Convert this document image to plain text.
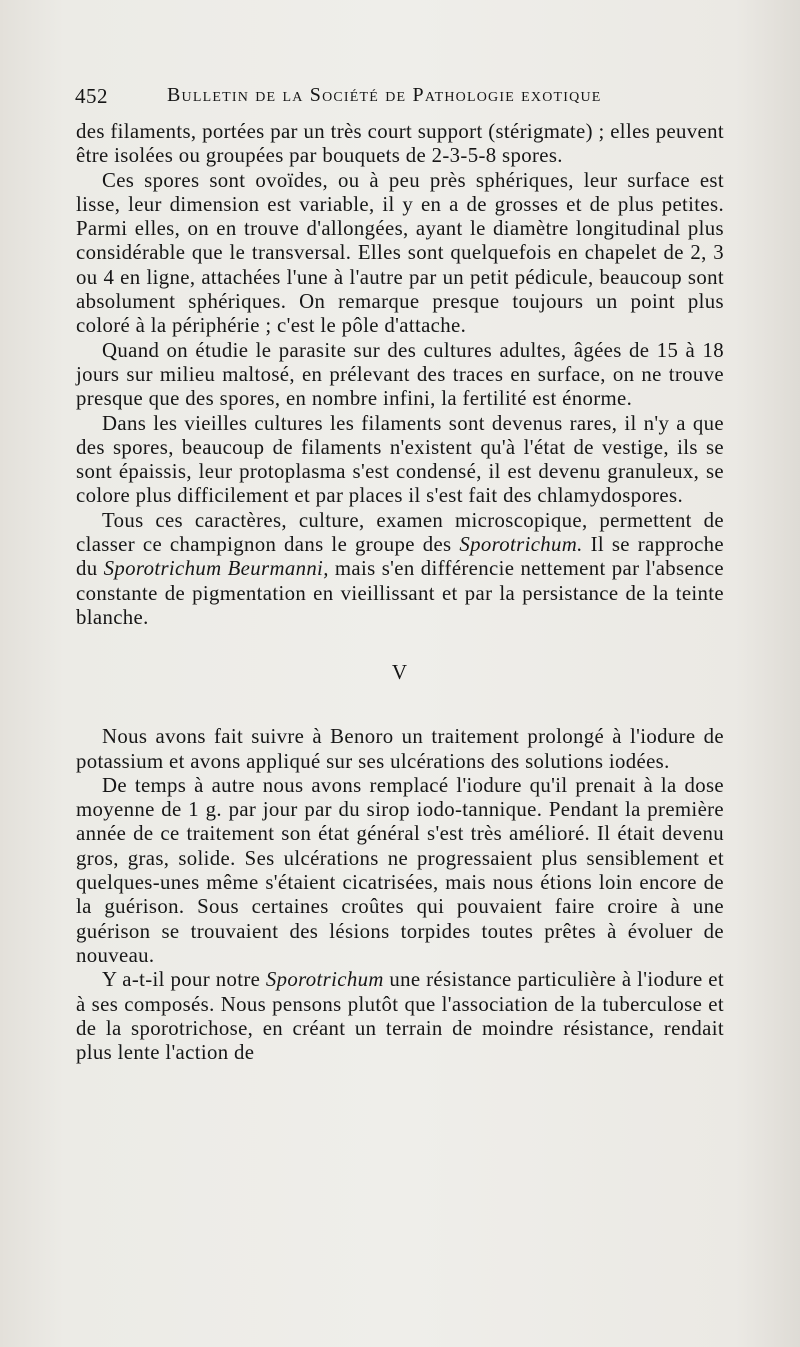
452	Bulletin de la Société de Pathologie exotique

des filaments, portées par un très court support (stérigmate) ; elles peuvent être isolées ou groupées par bouquets de 2-3-5-8 spores.

Ces spores sont ovoïdes, ou à peu près sphériques, leur surface est lisse, leur dimension est variable, il y en a de grosses et de plus petites. Parmi elles, on en trouve d'allongées, ayant le diamètre longitudinal plus considérable que le transversal. Elles sont quelquefois en chapelet de 2, 3 ou 4 en ligne, attachées l'une à l'autre par un petit pédicule, beaucoup sont absolument sphériques. On remarque presque toujours un point plus coloré à la périphérie ; c'est le pôle d'attache.

Quand on étudie le parasite sur des cultures adultes, âgées de 15 à 18 jours sur milieu maltosé, en prélevant des traces en surface, on ne trouve presque que des spores, en nombre infini, la fertilité est énorme.

Dans les vieilles cultures les filaments sont devenus rares, il n'y a que des spores, beaucoup de filaments n'existent qu'à l'état de vestige, ils se sont épaissis, leur protoplasma s'est condensé, il est devenu granuleux, se colore plus difficilement et par places il s'est fait des chlamydospores.

Tous ces caractères, culture, examen microscopique, permettent de classer ce champignon dans le groupe des Sporotrichum. Il se rapproche du Sporotrichum Beurmanni, mais s'en différencie nettement par l'absence constante de pigmentation en vieillissant et par la persistance de la teinte blanche.

V

Nous avons fait suivre à Benoro un traitement prolongé à l'iodure de potassium et avons appliqué sur ses ulcérations des solutions iodées.

De temps à autre nous avons remplacé l'iodure qu'il prenait à la dose moyenne de 1 g. par jour par du sirop iodo-tannique. Pendant la première année de ce traitement son état général s'est très amélioré. Il était devenu gros, gras, solide. Ses ulcérations ne progressaient plus sensiblement et quelques-unes même s'étaient cicatrisées, mais nous étions loin encore de la guérison. Sous certaines croûtes qui pouvaient faire croire à une guérison se trouvaient des lésions torpides toutes prêtes à évoluer de nouveau.

Y a-t-il pour notre Sporotrichum une résistance particulière à l'iodure et à ses composés. Nous pensons plutôt que l'association de la tuberculose et de la sporotrichose, en créant un terrain de moindre résistance, rendait plus lente l'action de
